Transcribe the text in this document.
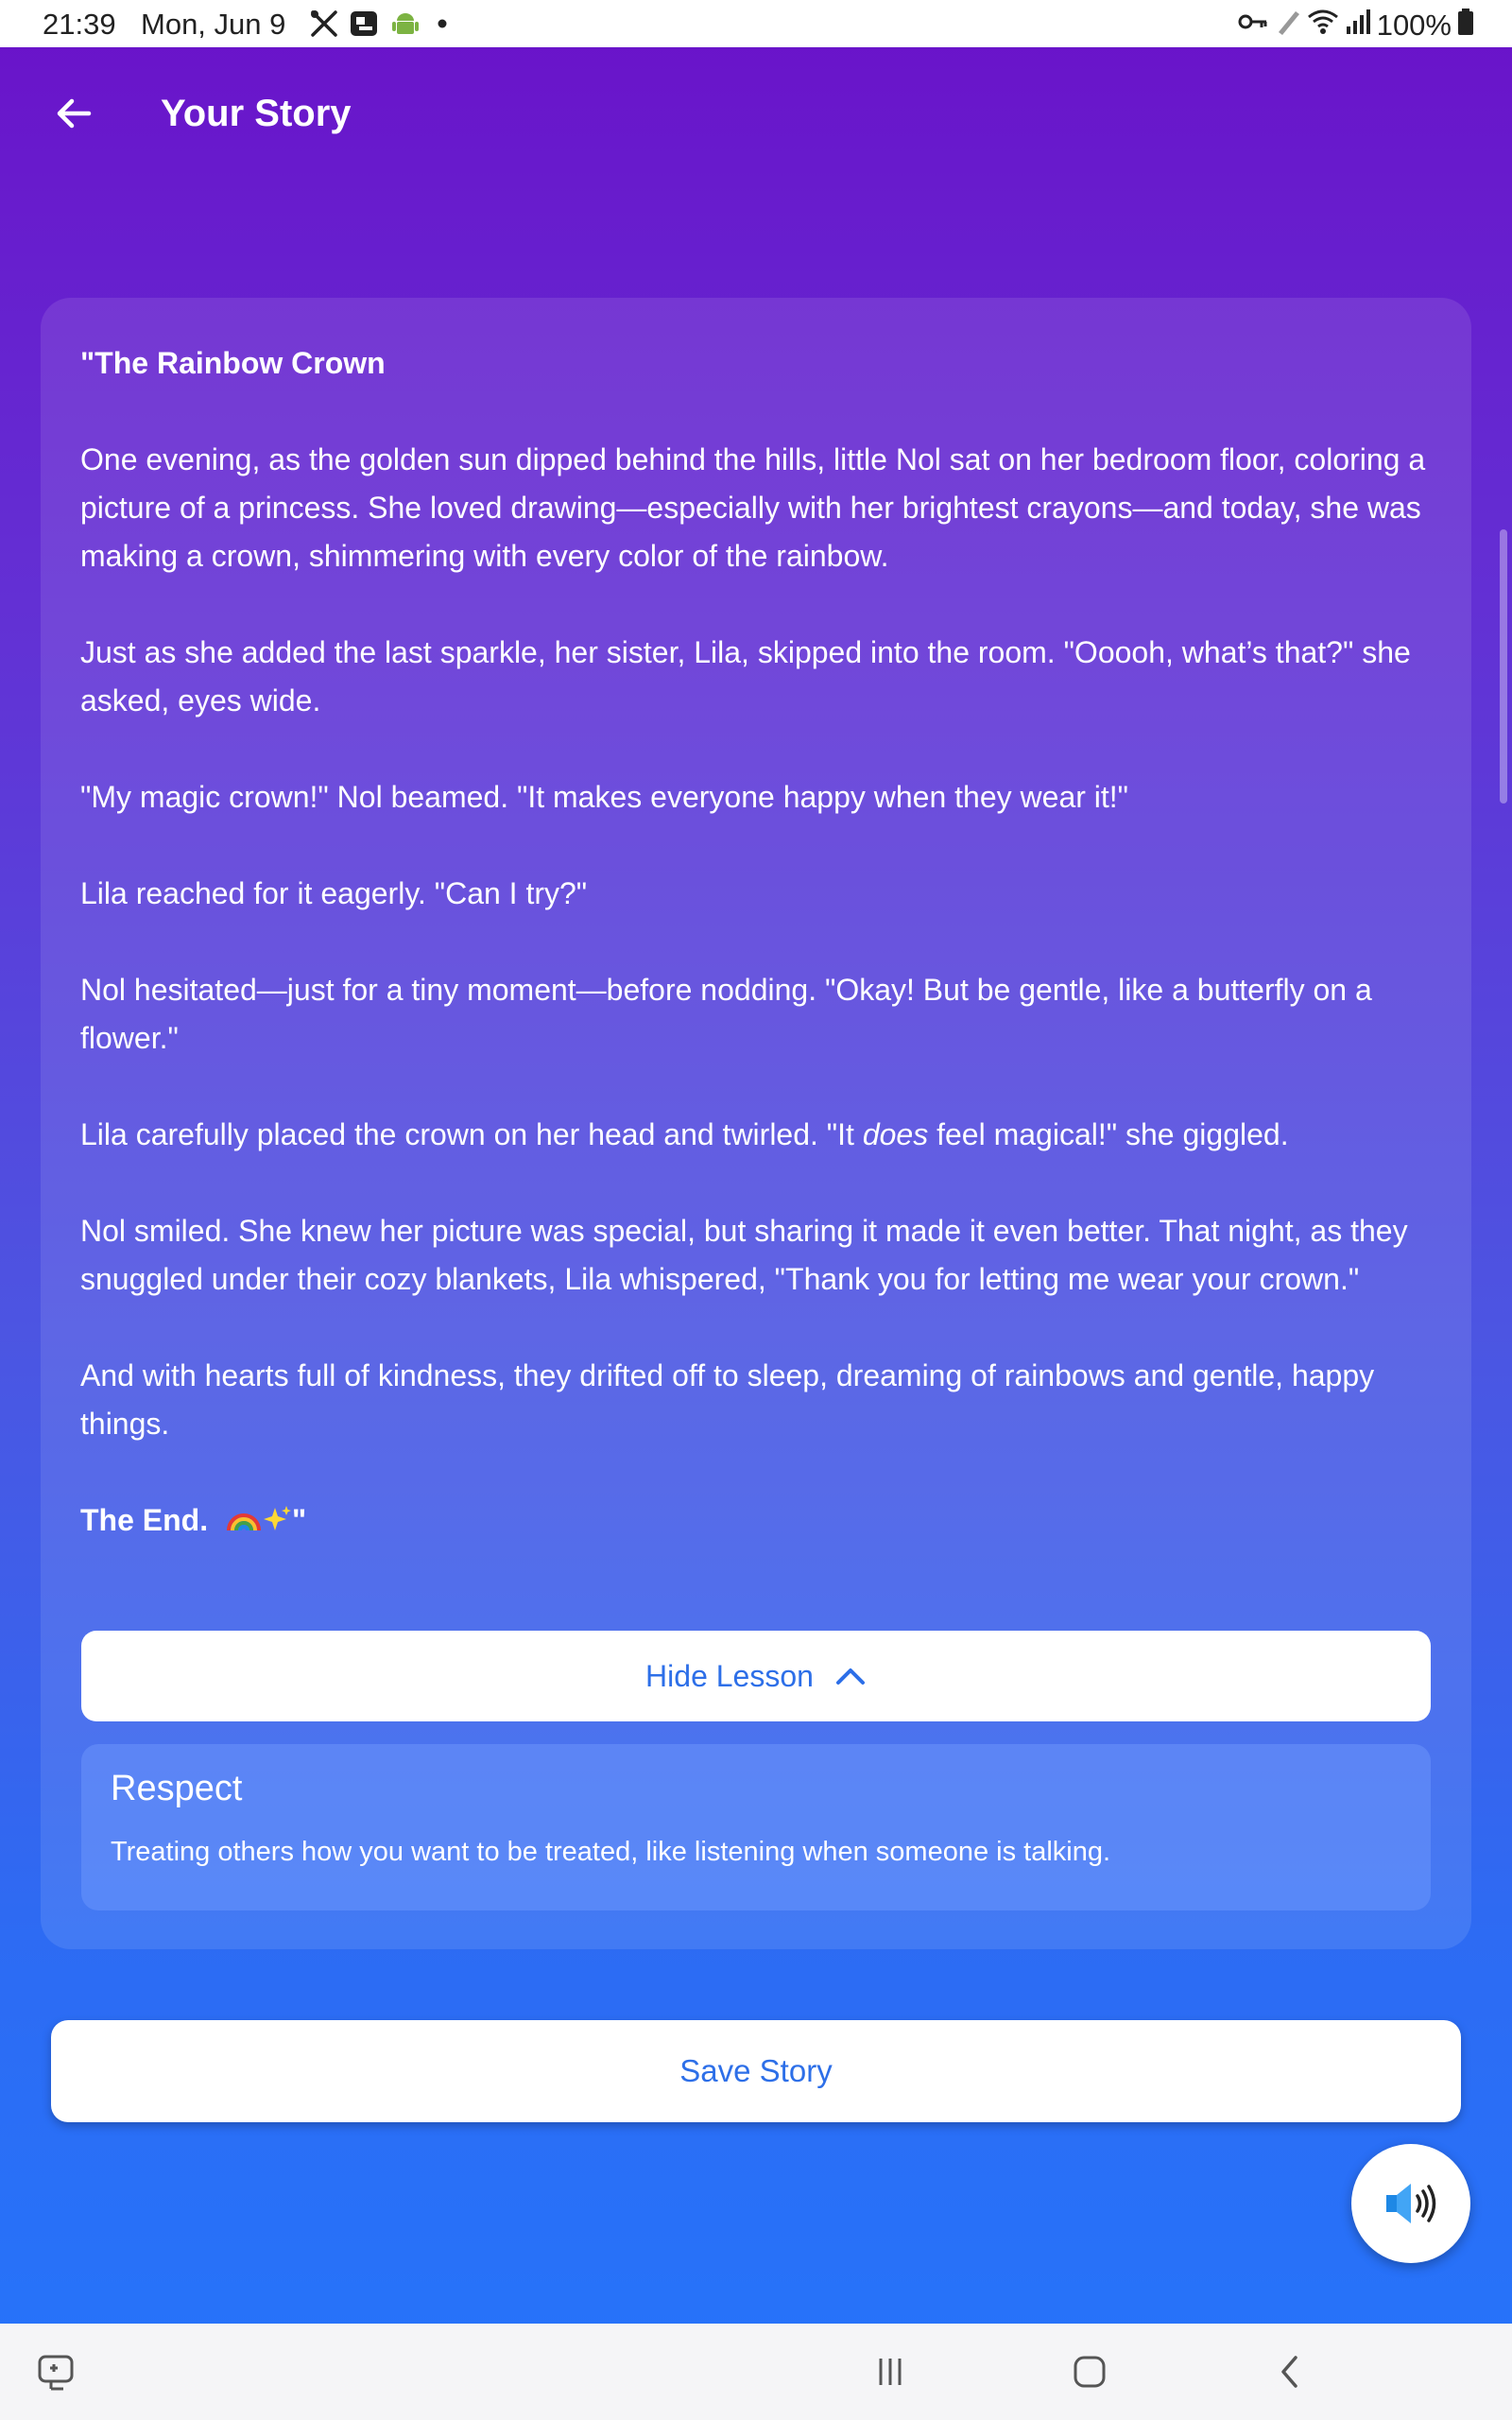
21:39 Mon, Jun 9	100%
Your Story

"The Rainbow Crown

One evening, as the golden sun dipped behind the hills, little Nol sat on her bedroom floor, coloring a picture of a princess. She loved drawing—especially with her brightest crayons—and today, she was making a crown, shimmering with every color of the rainbow.

Just as she added the last sparkle, her sister, Lila, skipped into the room. "Ooooh, what’s that?" she asked, eyes wide.

"My magic crown!" Nol beamed. "It makes everyone happy when they wear it!"

Lila reached for it eagerly. "Can I try?"

Nol hesitated—just for a tiny moment—before nodding. "Okay! But be gentle, like a butterfly on a flower."

Lila carefully placed the crown on her head and twirled. "It does feel magical!" she giggled.

Nol smiled. She knew her picture was special, but sharing it made it even better. That night, as they snuggled under their cozy blankets, Lila whispered, "Thank you for letting me wear your crown."

And with hearts full of kindness, they drifted off to sleep, dreaming of rainbows and gentle, happy things.

The End.	"

Hide Lesson
Respect
Treating others how you want to be treated, like listening when someone is talking.
Save Story
